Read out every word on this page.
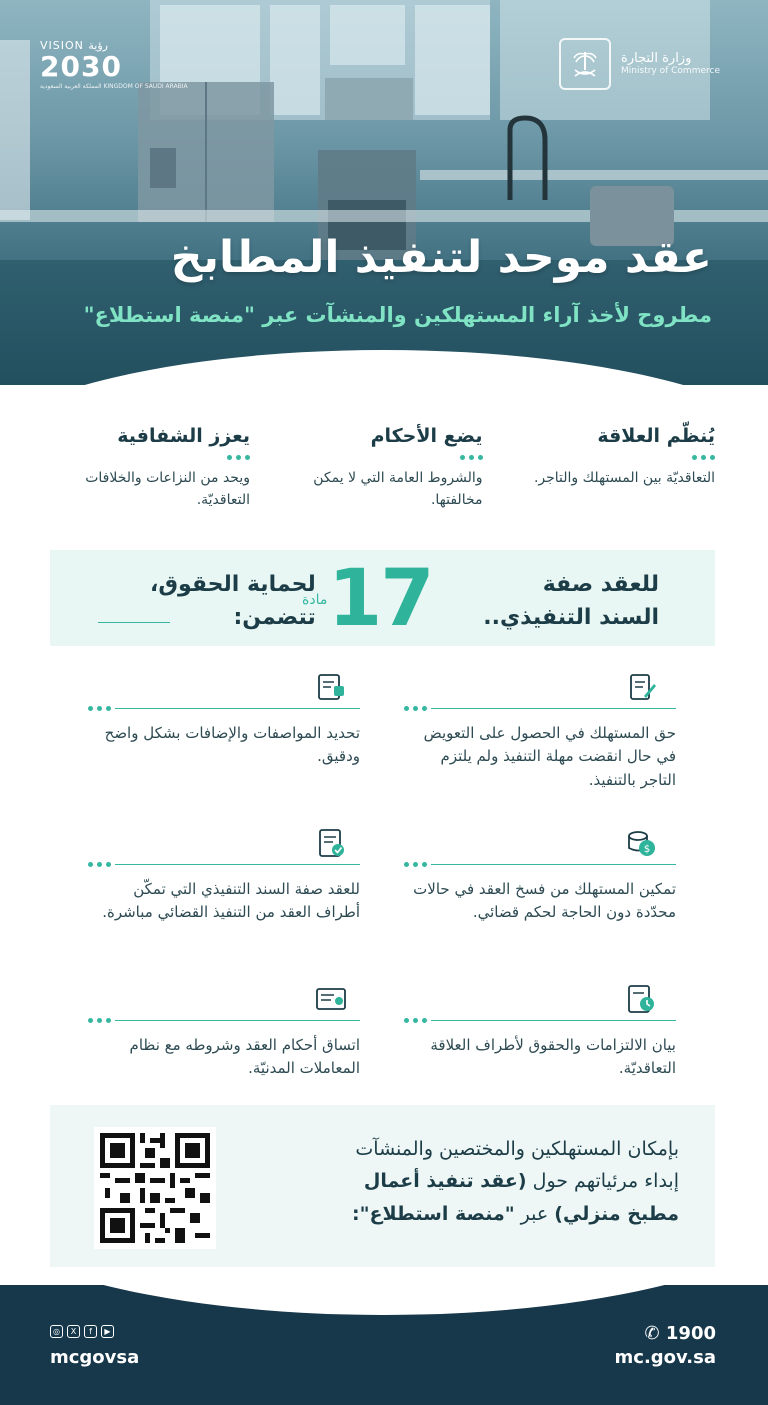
وزارة التجارة
Ministry of Commerce
VISION رؤية
2030
المملكة العربية السعودية KINGDOM OF SAUDI ARABIA
عقد موحد لتنفيذ المطابخ
مطروح لأخذ آراء المستهلكين والمنشآت عبر "منصة استطلاع"
يُنظّم العلاقة

التعاقديّة بين المستهلك والتاجر.

يضع الأحكام

والشروط العامة التي لا يمكن مخالفتها.

يعزز الشفافية

ويحد من النزاعات والخلافات التعاقديّة.

للعقد صفة
السند التنفيذي..
17
مادة
لحماية الحقوق،
تتضمن:

حق المستهلك في الحصول على التعويض في حال انقضت مهلة التنفيذ ولم يلتزم التاجر بالتنفيذ.

تحديد المواصفات والإضافات بشكل واضح ودقيق.

$

تمكين المستهلك من فسخ العقد في حالات محدّدة دون الحاجة لحكم قضائي.

للعقد صفة السند التنفيذي التي تمكّن أطراف العقد من التنفيذ القضائي مباشرة.

بيان الالتزامات والحقوق لأطراف العلاقة التعاقديّة.

اتساق أحكام العقد وشروطه مع نظام المعاملات المدنيّة.

بإمكان المستهلكين والمختصين والمنشآت
إبداء مرئياتهم حول (عقد تنفيذ أعمال
مطبخ منزلي) عبر "منصة استطلاع":

✆ 1900
mc.gov.sa
◎	X	f	▶
mcgovsa
